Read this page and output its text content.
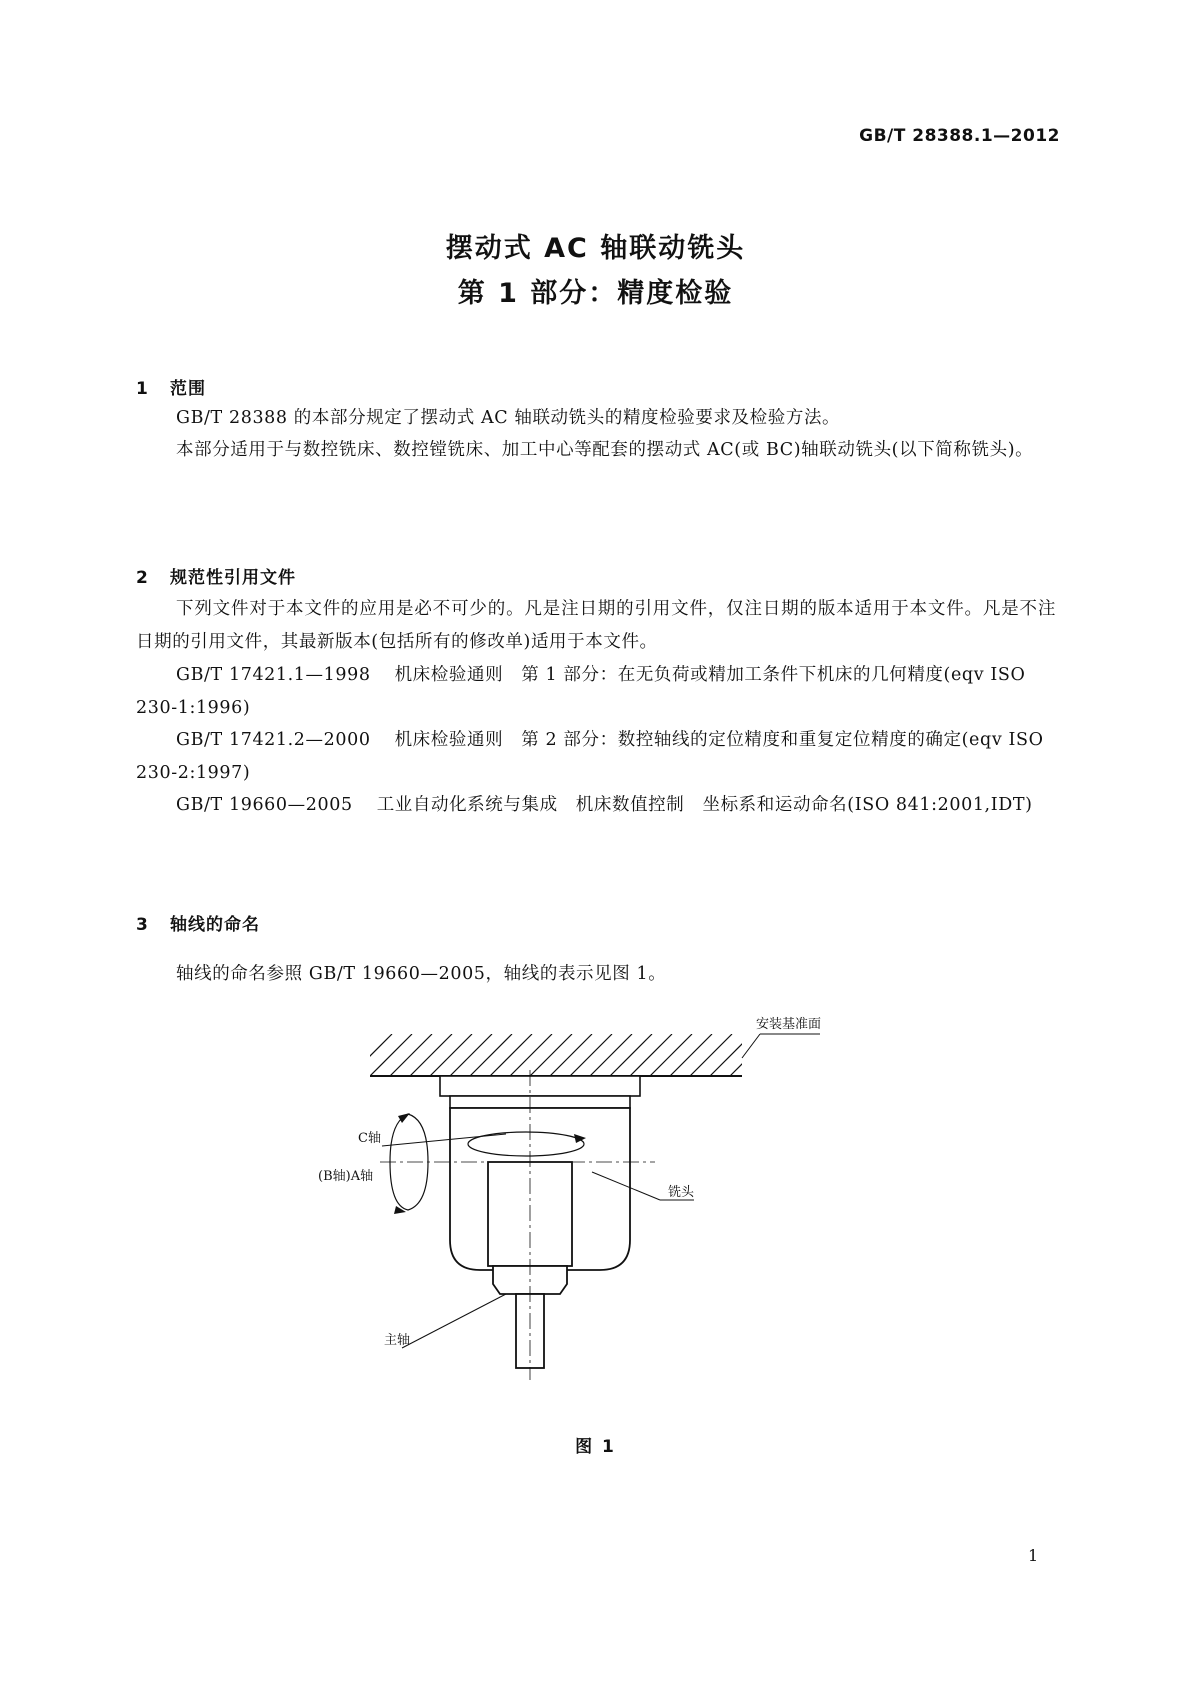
GB/T 28388.1—2012
摆动式 AC 轴联动铣头
第 1 部分：精度检验
1 范围
GB/T 28388 的本部分规定了摆动式 AC 轴联动铣头的精度检验要求及检验方法。
本部分适用于与数控铣床、数控镗铣床、加工中心等配套的摆动式 AC(或 BC)轴联动铣头(以下简称铣头)。
2 规范性引用文件
下列文件对于本文件的应用是必不可少的。凡是注日期的引用文件，仅注日期的版本适用于本文件。凡是不注日期的引用文件，其最新版本(包括所有的修改单)适用于本文件。
GB/T 17421.1—1998 机床检验通则　第 1 部分：在无负荷或精加工条件下机床的几何精度(eqv ISO 230-1:1996)
GB/T 17421.2—2000 机床检验通则　第 2 部分：数控轴线的定位精度和重复定位精度的确定(eqv ISO 230-2:1997)
GB/T 19660—2005 工业自动化系统与集成　机床数值控制　坐标系和运动命名(ISO 841:2001,IDT)
3 轴线的命名
轴线的命名参照 GB/T 19660—2005，轴线的表示见图 1。
安装基准面
C轴
铣头
(B轴)A轴
主轴
图 1
1
